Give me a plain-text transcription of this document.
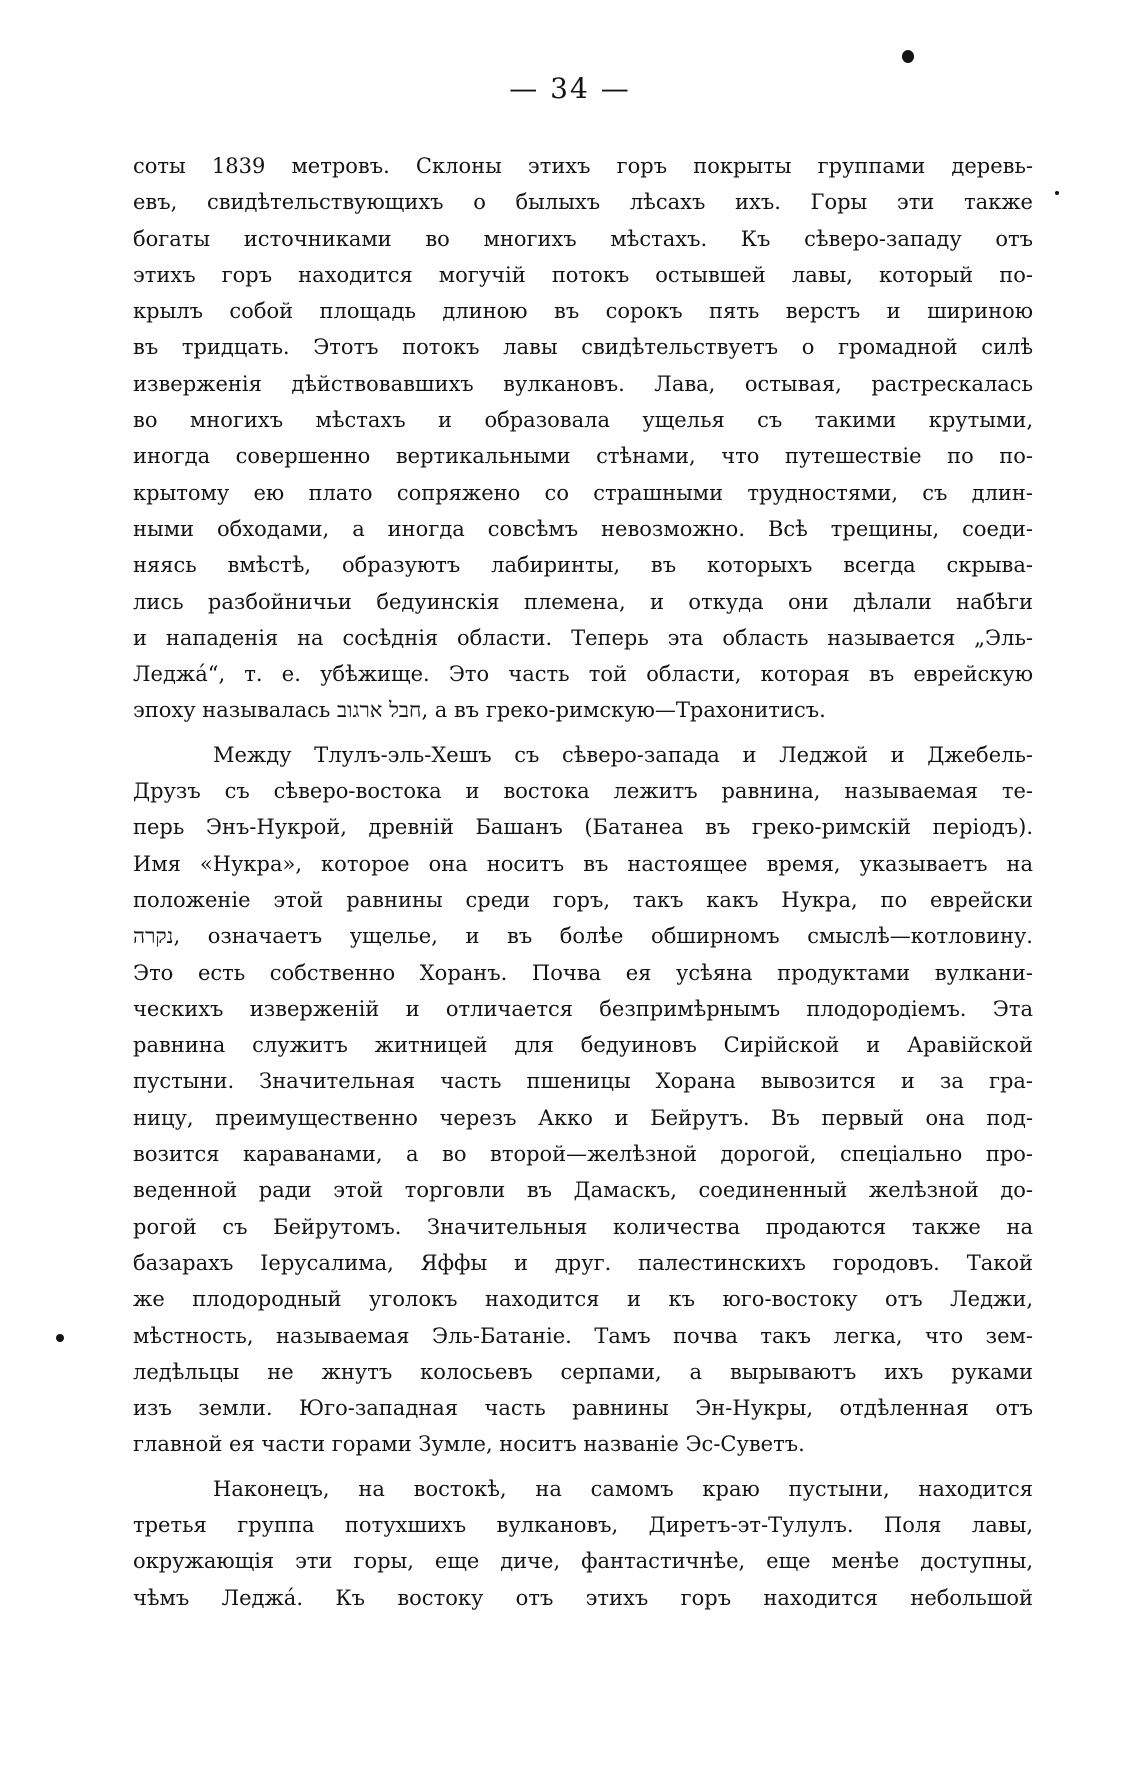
— 34 —
соты 1839 метровъ. Склоны этихъ горъ покрыты группами деревь-
евъ, свидѣтельствующихъ о былыхъ лѣсахъ ихъ. Горы эти также
богаты источниками во многихъ мѣстахъ. Къ сѣверо-западу отъ
этихъ горъ находится могучій потокъ остывшей лавы, который по-
крылъ собой площадь длиною въ сорокъ пять верстъ и шириною
въ тридцать. Этотъ потокъ лавы свидѣтельствуетъ о громадной силѣ
изверженія дѣйствовавшихъ вулкановъ. Лава, остывая, растрескалась
во многихъ мѣстахъ и образовала ущелья съ такими крутыми,
иногда совершенно вертикальными стѣнами, что путешествіе по по-
крытому ею плато сопряжено со страшными трудностями, съ длин-
ными обходами, а иногда совсѣмъ невозможно. Всѣ трещины, соеди-
няясь вмѣстѣ, образуютъ лабиринты, въ которыхъ всегда скрыва-
лись разбойничьи бедуинскія племена, и откуда они дѣлали набѣги
и нападенія на сосѣднія области. Теперь эта область называется „Эль-
Леджа́“, т. е. убѣжище. Это часть той области, которая въ еврейскую
эпоху называлась חבל ארגוב, а въ греко-римскую—Трахонитисъ.
Между Тлулъ-эль-Хешъ съ сѣверо-запада и Леджой и Джебель-
Друзъ съ сѣверо-востока и востока лежитъ равнина, называемая те-
перь Энъ-Нукрой, древній Башанъ (Батанеа въ греко-римскій періодъ).
Имя «Нукра», которое она носитъ въ настоящее время, указываетъ на
положеніе этой равнины среди горъ, такъ какъ Нукра, по еврейски
נקרה, означаетъ ущелье, и въ болѣе обширномъ смыслѣ—котловину.
Это есть собственно Хоранъ. Почва ея усѣяна продуктами вулкани-
ческихъ изверженій и отличается безпримѣрнымъ плодородіемъ. Эта
равнина служитъ житницей для бедуиновъ Сирійской и Аравійской
пустыни. Значительная часть пшеницы Хорана вывозится и за гра-
ницу, преимущественно черезъ Акко и Бейрутъ. Въ первый она под-
возится караванами, а во второй—желѣзной дорогой, спеціально про-
веденной ради этой торговли въ Дамаскъ, соединенный желѣзной до-
рогой съ Бейрутомъ. Значительныя количества продаются также на
базарахъ Іерусалима, Яффы и друг. палестинскихъ городовъ. Такой
же плодородный уголокъ находится и къ юго-востоку отъ Леджи,
мѣстность, называемая Эль-Батаніе. Тамъ почва такъ легка, что зем-
ледѣльцы не жнутъ колосьевъ серпами, а вырываютъ ихъ руками
изъ земли. Юго-западная часть равнины Эн-Нукры, отдѣленная отъ
главной ея части горами Зумле, носитъ названіе Эс-Суветъ.
Наконецъ, на востокѣ, на самомъ краю пустыни, находится
третья группа потухшихъ вулкановъ, Диретъ-эт-Тулулъ. Поля лавы,
окружающія эти горы, еще диче, фантастичнѣе, еще менѣе доступны,
чѣмъ Леджа́. Къ востоку отъ этихъ горъ находится небольшой
